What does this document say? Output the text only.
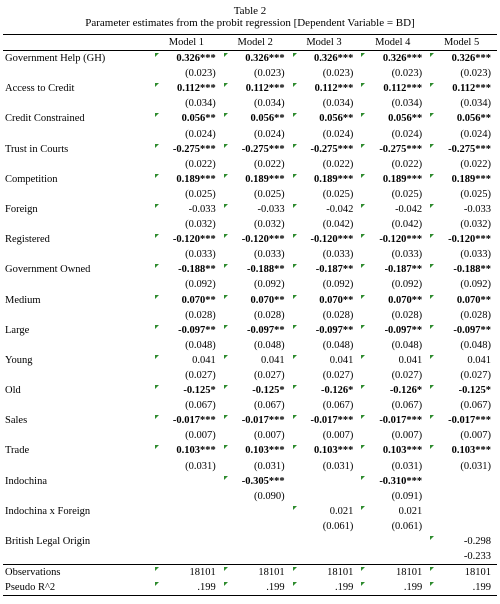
Table 2
Parameter estimates from the probit regression [Dependent Variable = BD]
	Model 1	Model 2	Model 3	Model 4	Model 5
Government Help (GH)	0.326***	0.326***	0.326***	0.326***	0.326***
	(0.023)	(0.023)	(0.023)	(0.023)	(0.023)
Access to Credit	0.112***	0.112***	0.112***	0.112***	0.112***
	(0.034)	(0.034)	(0.034)	(0.034)	(0.034)
Credit Constrained	0.056**	0.056**	0.056**	0.056**	0.056**
	(0.024)	(0.024)	(0.024)	(0.024)	(0.024)
Trust in Courts	-0.275***	-0.275***	-0.275***	-0.275***	-0.275***
	(0.022)	(0.022)	(0.022)	(0.022)	(0.022)
Competition	0.189***	0.189***	0.189***	0.189***	0.189***
	(0.025)	(0.025)	(0.025)	(0.025)	(0.025)
Foreign	-0.033	-0.033	-0.042	-0.042	-0.033
	(0.032)	(0.032)	(0.042)	(0.042)	(0.032)
Registered	-0.120***	-0.120***	-0.120***	-0.120***	-0.120***
	(0.033)	(0.033)	(0.033)	(0.033)	(0.033)
Government Owned	-0.188**	-0.188**	-0.187**	-0.187**	-0.188**
	(0.092)	(0.092)	(0.092)	(0.092)	(0.092)
Medium	0.070**	0.070**	0.070**	0.070**	0.070**
	(0.028)	(0.028)	(0.028)	(0.028)	(0.028)
Large	-0.097**	-0.097**	-0.097**	-0.097**	-0.097**
	(0.048)	(0.048)	(0.048)	(0.048)	(0.048)
Young	0.041	0.041	0.041	0.041	0.041
	(0.027)	(0.027)	(0.027)	(0.027)	(0.027)
Old	-0.125*	-0.125*	-0.126*	-0.126*	-0.125*
	(0.067)	(0.067)	(0.067)	(0.067)	(0.067)
Sales	-0.017***	-0.017***	-0.017***	-0.017***	-0.017***
	(0.007)	(0.007)	(0.007)	(0.007)	(0.007)
Trade	0.103***	0.103***	0.103***	0.103***	0.103***
	(0.031)	(0.031)	(0.031)	(0.031)	(0.031)
Indochina		-0.305***		-0.310***	
		(0.090)		(0.091)	
Indochina x Foreign			0.021	0.021	
			(0.061)	(0.061)	
British Legal Origin					-0.298
					-0.233
Observations	18101	18101	18101	18101	18101
Pseudo R^2	.199	.199	.199	.199	.199
